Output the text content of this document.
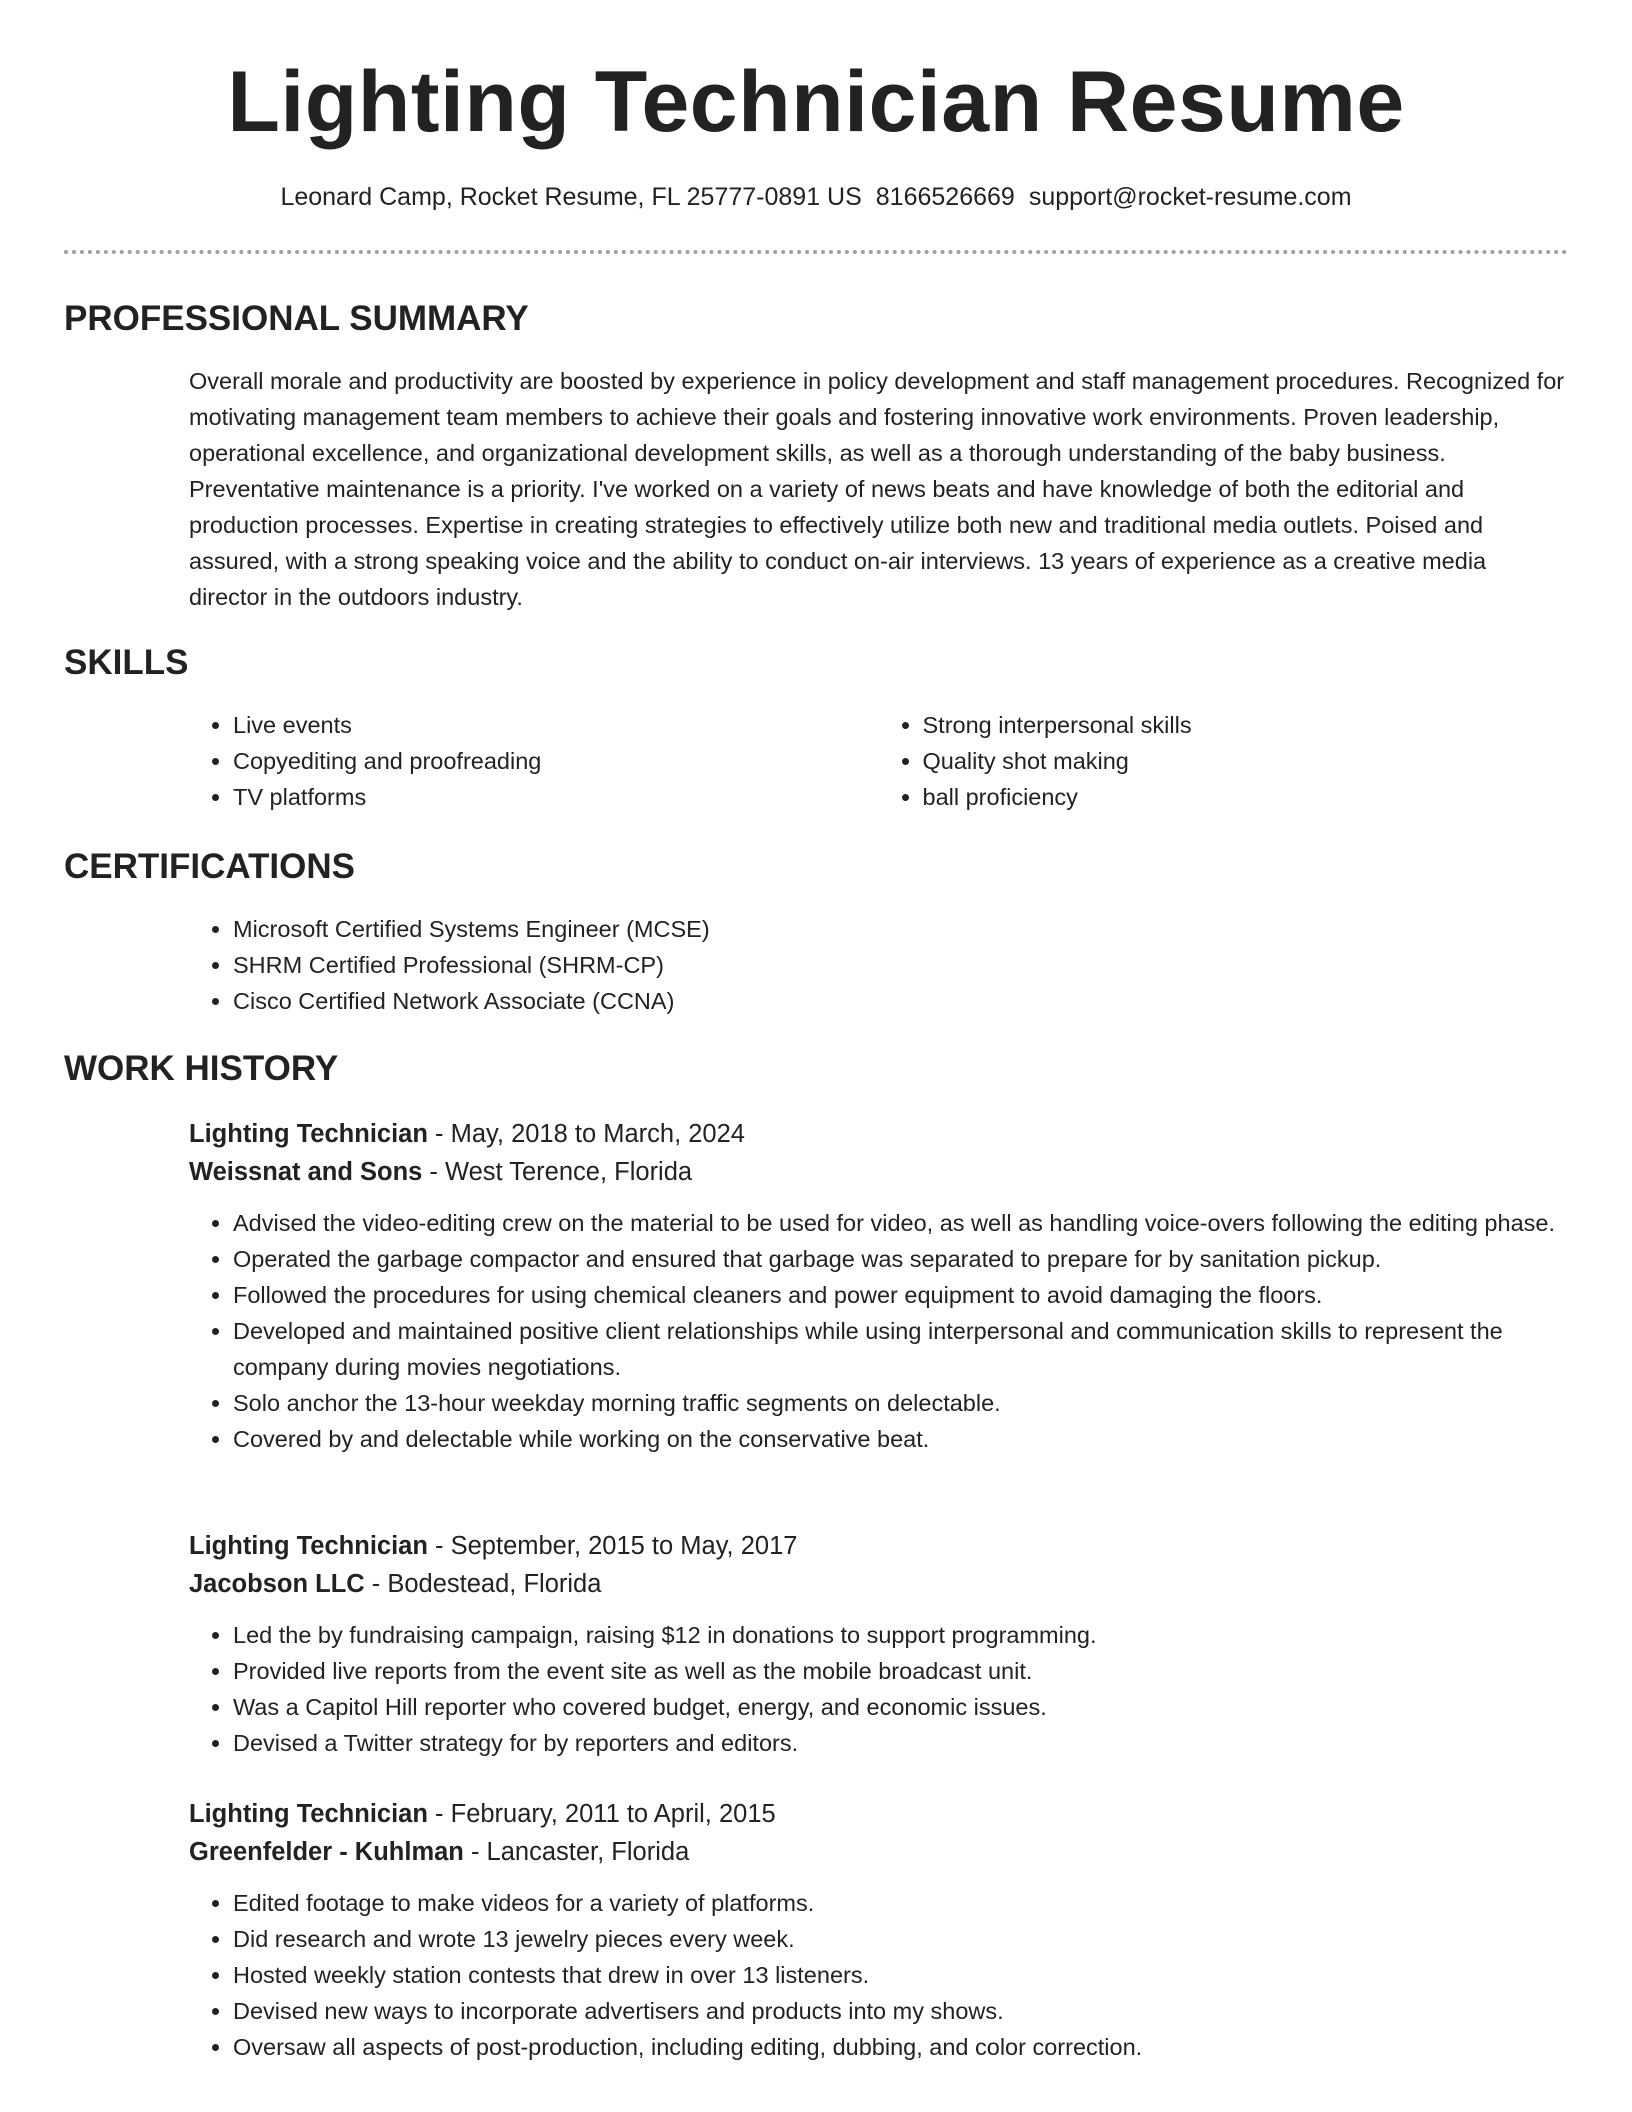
Lighting Technician Resume
Leonard Camp, Rocket Resume, FL 25777-0891 US 8166526669 support@rocket-resume.com
PROFESSIONAL SUMMARY

Overall morale and productivity are boosted by experience in policy development and staff management procedures. Recognized for motivating management team members to achieve their goals and fostering innovative work environments. Proven leadership, operational excellence, and organizational development skills, as well as a thorough understanding of the baby business. Preventative maintenance is a priority. I've worked on a variety of news beats and have knowledge of both the editorial and production processes. Expertise in creating strategies to effectively utilize both new and traditional media outlets. Poised and assured, with a strong speaking voice and the ability to conduct on-air interviews. 13 years of experience as a creative media director in the outdoors industry.

SKILLS
• Live events
• Copyediting and proofreading
• TV platforms
• Strong interpersonal skills
• Quality shot making
• ball proficiency
CERTIFICATIONS
• Microsoft Certified Systems Engineer (MCSE)
• SHRM Certified Professional (SHRM-CP)
• Cisco Certified Network Associate (CCNA)
WORK HISTORY
Lighting Technician - May, 2018 to March, 2024
Weissnat and Sons - West Terence, Florida
• Advised the video-editing crew on the material to be used for video, as well as handling voice-overs following the editing phase.
• Operated the garbage compactor and ensured that garbage was separated to prepare for by sanitation pickup.
• Followed the procedures for using chemical cleaners and power equipment to avoid damaging the floors.
• Developed and maintained positive client relationships while using interpersonal and communication skills to represent the company during movies negotiations.
• Solo anchor the 13-hour weekday morning traffic segments on delectable.
• Covered by and delectable while working on the conservative beat.
Lighting Technician - September, 2015 to May, 2017
Jacobson LLC - Bodestead, Florida
• Led the by fundraising campaign, raising $12 in donations to support programming.
• Provided live reports from the event site as well as the mobile broadcast unit.
• Was a Capitol Hill reporter who covered budget, energy, and economic issues.
• Devised a Twitter strategy for by reporters and editors.
Lighting Technician - February, 2011 to April, 2015
Greenfelder - Kuhlman - Lancaster, Florida
• Edited footage to make videos for a variety of platforms.
• Did research and wrote 13 jewelry pieces every week.
• Hosted weekly station contests that drew in over 13 listeners.
• Devised new ways to incorporate advertisers and products into my shows.
• Oversaw all aspects of post-production, including editing, dubbing, and color correction.
